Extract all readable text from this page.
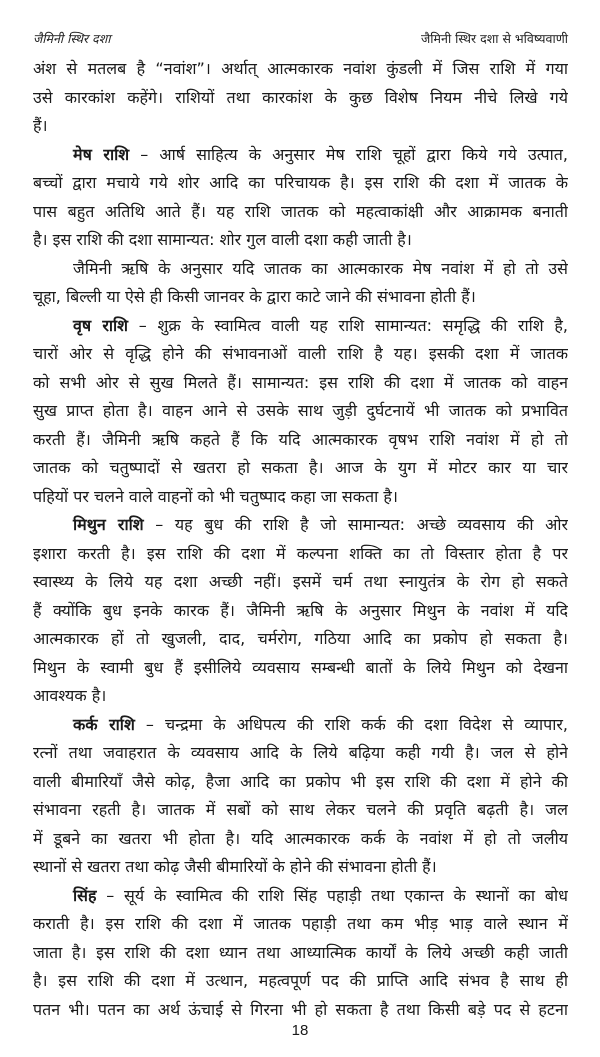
जैमिनी स्थिर दशा	जैमिनी स्थिर दशा से भविष्यवाणी
अंश से मतलब है “नवांश”। अर्थात् आत्मकारक नवांश कुंडली में जिस राशि में गया
उसे कारकांश कहेंगे। राशियों तथा कारकांश के कुछ विशेष नियम नीचे लिखे गये
हैं।
मेष राशि – आर्ष साहित्य के अनुसार मेष राशि चूहों द्वारा किये गये उत्पात,
बच्चों द्वारा मचाये गये शोर आदि का परिचायक है। इस राशि की दशा में जातक के
पास बहुत अतिथि आते हैं। यह राशि जातक को महत्वाकांक्षी और आक्रामक बनाती
है। इस राशि की दशा सामान्यत: शोर गुल वाली दशा कही जाती है।
जैमिनी ऋषि के अनुसार यदि जातक का आत्मकारक मेष नवांश में हो तो उसे
चूहा, बिल्ली या ऐसे ही किसी जानवर के द्वारा काटे जाने की संभावना होती हैं।
वृष राशि – शुक्र के स्वामित्व वाली यह राशि सामान्यत: समृद्धि की राशि है,
चारों ओर से वृद्धि होने की संभावनाओं वाली राशि है यह। इसकी दशा में जातक
को सभी ओर से सुख मिलते हैं। सामान्यत: इस राशि की दशा में जातक को वाहन
सुख प्राप्त होता है। वाहन आने से उसके साथ जुड़ी दुर्घटनायें भी जातक को प्रभावित
करती हैं। जैमिनी ऋषि कहते हैं कि यदि आत्मकारक वृषभ राशि नवांश में हो तो
जातक को चतुष्पादों से खतरा हो सकता है। आज के युग में मोटर कार या चार
पहियों पर चलने वाले वाहनों को भी चतुष्पाद कहा जा सकता है।
मिथुन राशि – यह बुध की राशि है जो सामान्यत: अच्छे व्यवसाय की ओर
इशारा करती है। इस राशि की दशा में कल्पना शक्ति का तो विस्तार होता है पर
स्वास्थ्य के लिये यह दशा अच्छी नहीं। इसमें चर्म तथा स्नायुतंत्र के रोग हो सकते
हैं क्योंकि बुध इनके कारक हैं। जैमिनी ऋषि के अनुसार मिथुन के नवांश में यदि
आत्मकारक हों तो खुजली, दाद, चर्मरोग, गठिया आदि का प्रकोप हो सकता है।
मिथुन के स्वामी बुध हैं इसीलिये व्यवसाय सम्बन्धी बातों के लिये मिथुन को देखना
आवश्यक है।
कर्क राशि – चन्द्रमा के अधिपत्य की राशि कर्क की दशा विदेश से व्यापार,
रत्नों तथा जवाहरात के व्यवसाय आदि के लिये बढ़िया कही गयी है। जल से होने
वाली बीमारियाँ जैसे कोढ़, हैजा आदि का प्रकोप भी इस राशि की दशा में होने की
संभावना रहती है। जातक में सबों को साथ लेकर चलने की प्रवृति बढ़ती है। जल
में डूबने का खतरा भी होता है। यदि आत्मकारक कर्क के नवांश में हो तो जलीय
स्थानों से खतरा तथा कोढ़ जैसी बीमारियों के होने की संभावना होती हैं।
सिंह – सूर्य के स्वामित्व की राशि सिंह पहाड़ी तथा एकान्त के स्थानों का बोध
कराती है। इस राशि की दशा में जातक पहाड़ी तथा कम भीड़ भाड़ वाले स्थान में
जाता है। इस राशि की दशा ध्यान तथा आध्यात्मिक कार्यों के लिये अच्छी कही जाती
है। इस राशि की दशा में उत्थान, महत्वपूर्ण पद की प्राप्ति आदि संभव है साथ ही
पतन भी। पतन का अर्थ ऊंचाई से गिरना भी हो सकता है तथा किसी बड़े पद से हटना
18
